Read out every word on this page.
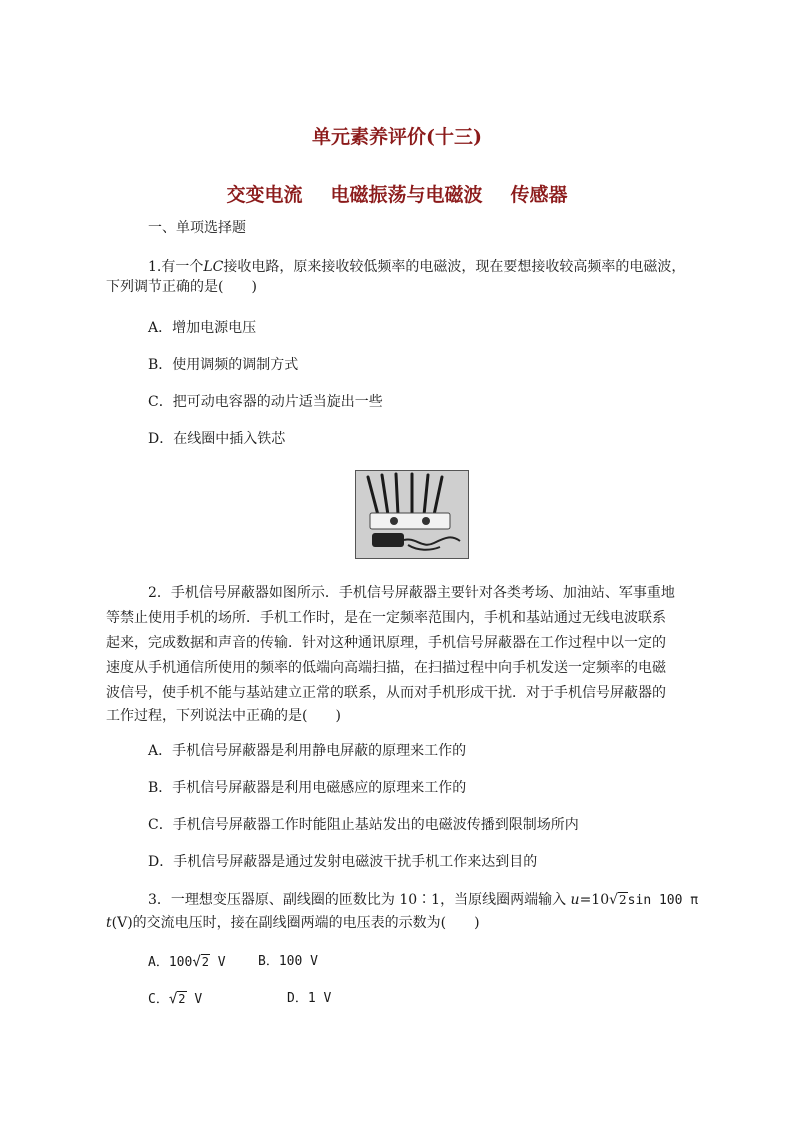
单元素养评价(十三)
交变电流 电磁振荡与电磁波 传感器
一、单项选择题
1.有一个LC接收电路，原来接收较低频率的电磁波，现在要想接收较高频率的电磁波，
下列调节正确的是(　　)
A．增加电源电压
B．使用调频的调制方式
C．把可动电容器的动片适当旋出一些
D．在线圈中插入铁芯
2．手机信号屏蔽器如图所示．手机信号屏蔽器主要针对各类考场、加油站、军事重地
等禁止使用手机的场所．手机工作时，是在一定频率范围内，手机和基站通过无线电波联系
起来，完成数据和声音的传输．针对这种通讯原理，手机信号屏蔽器在工作过程中以一定的
速度从手机通信所使用的频率的低端向高端扫描，在扫描过程中向手机发送一定频率的电磁
波信号，使手机不能与基站建立正常的联系，从而对手机形成干扰．对于手机信号屏蔽器的
工作过程，下列说法中正确的是(　　)
A．手机信号屏蔽器是利用静电屏蔽的原理来工作的
B．手机信号屏蔽器是利用电磁感应的原理来工作的
C．手机信号屏蔽器工作时能阻止基站发出的电磁波传播到限制场所内
D．手机信号屏蔽器是通过发射电磁波干扰手机工作来达到目的
3．一理想变压器原、副线圈的匝数比为 10∶1，当原线圈两端输入 u=10√2sin 100 π
t(V)的交流电压时，接在副线圈两端的电压表的示数为(　　)
A．100√2 V B．100 V
C．√2 V	D．1 V
